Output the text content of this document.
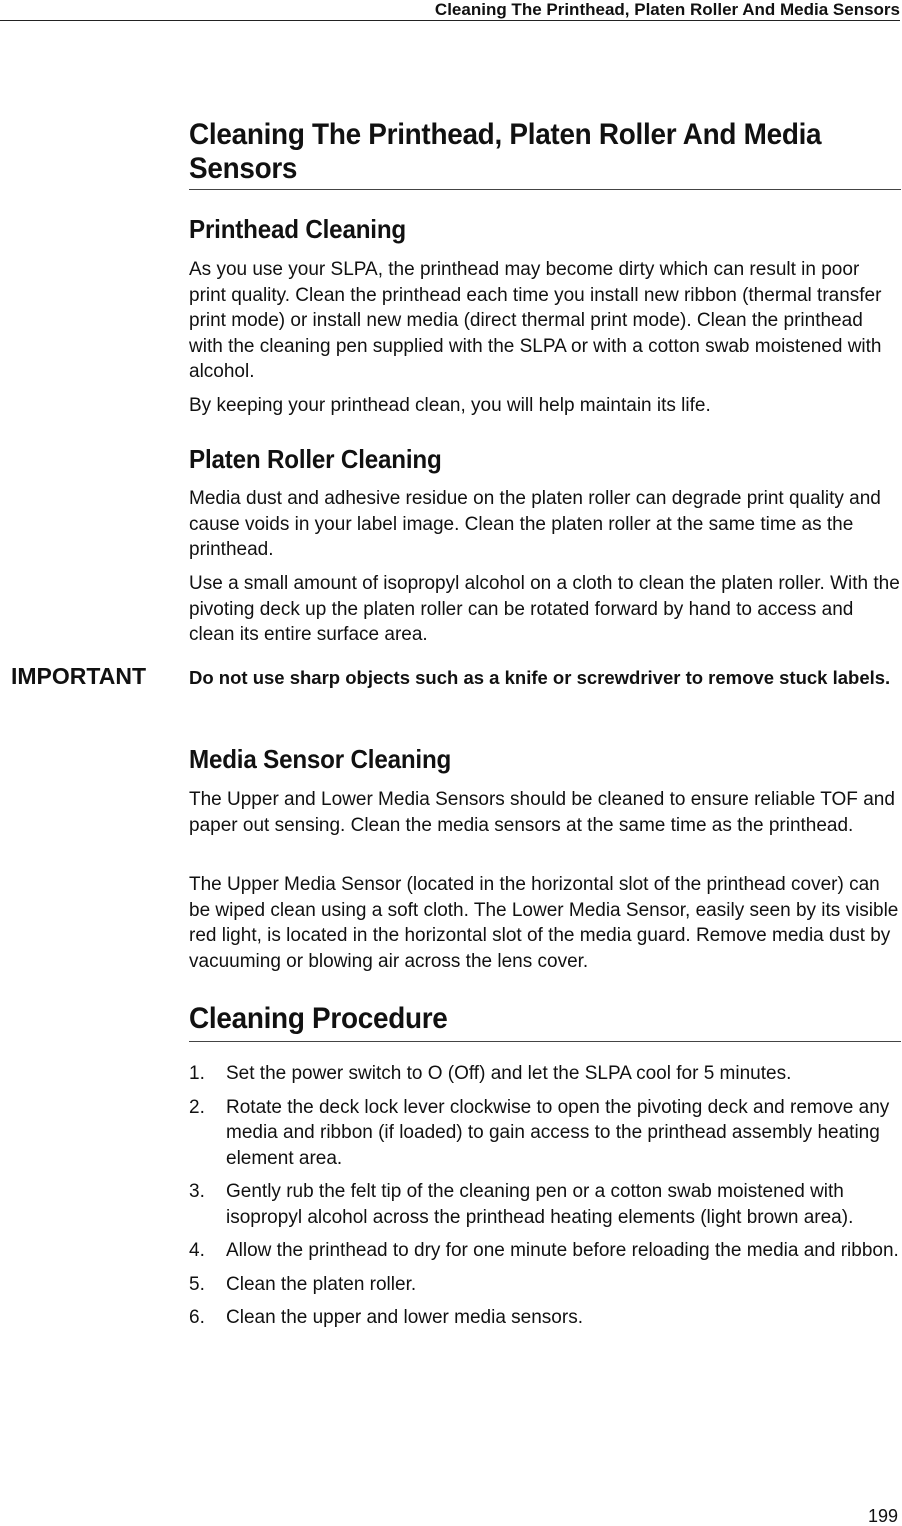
Cleaning The Printhead, Platen Roller And Media Sensors
IMPORTANT Do not use sharp objects such as a knife or screwdriver to remove stuck labels.

Cleaning The Printhead, Platen Roller And Media Sensors
Printhead Cleaning

As you use your SLPA, the printhead may become dirty which can result in poor print quality. Clean the printhead each time you install new ribbon (thermal transfer print mode) or install new media (direct thermal print mode). Clean the printhead with the cleaning pen supplied with the SLPA or with a cotton swab moistened with alcohol.

By keeping your printhead clean, you will help maintain its life.

Platen Roller Cleaning

Media dust and adhesive residue on the platen roller can degrade print quality and cause voids in your label image. Clean the platen roller at the same time as the printhead.

Use a small amount of isopropyl alcohol on a cloth to clean the platen roller. With the pivoting deck up the platen roller can be rotated forward by hand to access and clean its entire surface area.

Media Sensor Cleaning

The Upper and Lower Media Sensors should be cleaned to ensure reliable TOF and paper out sensing. Clean the media sensors at the same time as the printhead.

The Upper Media Sensor (located in the horizontal slot of the printhead cover) can be wiped clean using a soft cloth. The Lower Media Sensor, easily seen by its visible red light, is located in the horizontal slot of the media guard. Remove media dust by vacuuming or blowing air across the lens cover.

Cleaning Procedure
1. Set the power switch to O (Off) and let the SLPA cool for 5 minutes.
2. Rotate the deck lock lever clockwise to open the pivoting deck and remove any media and ribbon (if loaded) to gain access to the printhead assembly heating element area.
3. Gently rub the felt tip of the cleaning pen or a cotton swab moistened with isopropyl alcohol across the printhead heating elements (light brown area).
4. Allow the printhead to dry for one minute before reloading the media and ribbon.
5. Clean the platen roller.
6. Clean the upper and lower media sensors.
199
